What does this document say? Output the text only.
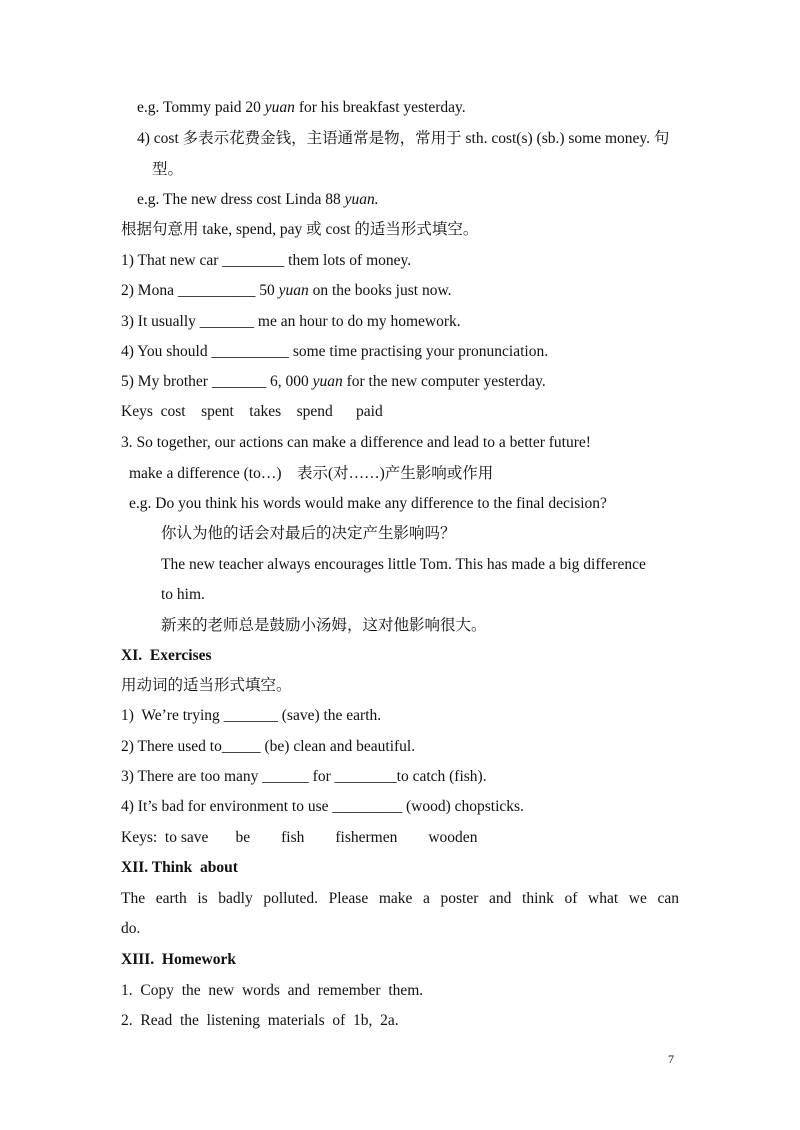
e.g. Tommy paid 20 yuan for his breakfast yesterday.
4) cost 多表示花费金钱，主语通常是物，常用于 sth. cost(s) (sb.) some money. 句
型。
e.g. The new dress cost Linda 88 yuan.
根据句意用 take, spend, pay 或 cost 的适当形式填空。
1) That new car ________ them lots of money.
2) Mona __________ 50 yuan on the books just now.
3) It usually _______ me an hour to do my homework.
4) You should __________ some time practising your pronunciation.
5) My brother _______ 6, 000 yuan for the new computer yesterday.
Keys  cost    spent    takes    spend      paid
3. So together, our actions can make a difference and lead to a better future!
make a difference (to…)    表示(对……)产生影响或作用
e.g. Do you think his words would make any difference to the final decision?
你认为他的话会对最后的决定产生影响吗？
The new teacher always encourages little Tom. This has made a big difference
to him.
新来的老师总是鼓励小汤姆，这对他影响很大。
XI.  Exercises
用动词的适当形式填空。
1)  We’re trying _______ (save) the earth.
2) There used to_____ (be) clean and beautiful.
3) There are too many ______ for ________to catch (fish).
4) It’s bad for environment to use _________ (wood) chopsticks.
Keys:  to save       be        fish        fishermen        wooden
XII. Think  about
The earth is badly polluted. Please make a poster and think of what we can
do.
XIII.  Homework
1.  Copy  the  new  words  and  remember  them.
2.  Read  the  listening  materials  of  1b,  2a.
7
